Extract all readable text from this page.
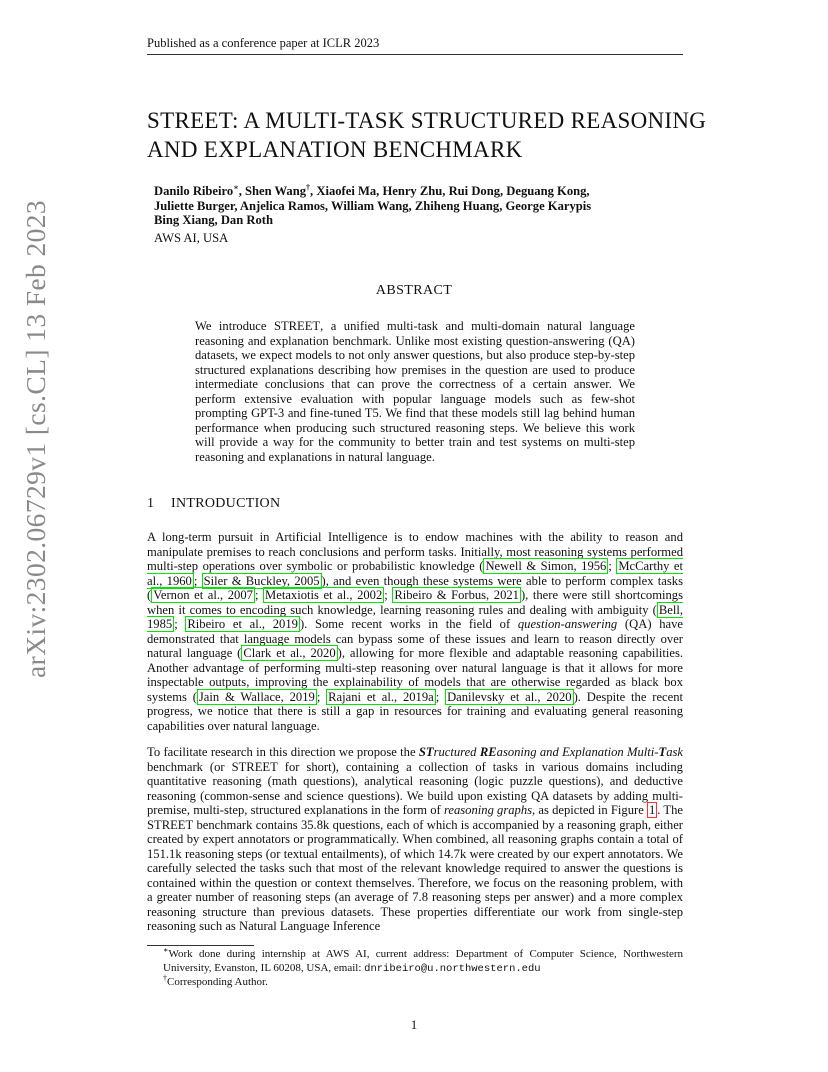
Published as a conference paper at ICLR 2023
arXiv:2302.06729v1 [cs.CL] 13 Feb 2023
STREET: A MULTI-TASK STRUCTURED REASONING
AND EXPLANATION BENCHMARK
Danilo Ribeiro∗, Shen Wang†, Xiaofei Ma, Henry Zhu, Rui Dong, Deguang Kong,
Juliette Burger, Anjelica Ramos, William Wang, Zhiheng Huang, George Karypis
Bing Xiang, Dan Roth
AWS AI, USA
ABSTRACT
We introduce STREET, a unified multi-task and multi-domain natural language reasoning and explanation benchmark. Unlike most existing question-answering (QA) datasets, we expect models to not only answer questions, but also produce step-by-step structured explanations describing how premises in the question are used to produce intermediate conclusions that can prove the correctness of a certain answer. We perform extensive evaluation with popular language models such as few-shot prompting GPT-3 and fine-tuned T5. We find that these models still lag behind human performance when producing such structured reasoning steps. We believe this work will provide a way for the community to better train and test systems on multi-step reasoning and explanations in natural language.
1 INTRODUCTION
A long-term pursuit in Artificial Intelligence is to endow machines with the ability to reason and manipulate premises to reach conclusions and perform tasks. Initially, most reasoning systems performed multi-step operations over symbolic or probabilistic knowledge ( Newell & Simon, 1956 ; McCarthy et al., 1960 ; Siler & Buckley, 2005 ), and even though these systems were able to perform complex tasks ( Vernon et al., 2007 ; Metaxiotis et al., 2002 ; Ribeiro & Forbus, 2021 ), there were still shortcomings when it comes to encoding such knowledge, learning reasoning rules and dealing with ambiguity ( Bell, 1985 ; Ribeiro et al., 2019 ). Some recent works in the field of question-answering (QA) have demonstrated that language models can bypass some of these issues and learn to reason directly over natural language ( Clark et al., 2020 ), allowing for more flexible and adaptable reasoning capabilities. Another advantage of performing multi-step reasoning over natural language is that it allows for more inspectable outputs, improving the explainability of models that are otherwise regarded as black box systems ( Jain & Wallace, 2019 ; Rajani et al., 2019a ; Danilevsky et al., 2020 ). Despite the recent progress, we notice that there is still a gap in resources for training and evaluating general reasoning capabilities over natural language.
To facilitate research in this direction we propose the STructured REasoning and Explanation Multi-Task benchmark (or STREET for short), containing a collection of tasks in various domains including quantitative reasoning (math questions), analytical reasoning (logic puzzle questions), and deductive reasoning (common-sense and science questions). We build upon existing QA datasets by adding multi-premise, multi-step, structured explanations in the form of reasoning graphs, as depicted in Figure 1 . The STREET benchmark contains 35.8k questions, each of which is accompanied by a reasoning graph, either created by expert annotators or programmatically. When combined, all reasoning graphs contain a total of 151.1k reasoning steps (or textual entailments), of which 14.7k were created by our expert annotators. We carefully selected the tasks such that most of the relevant knowledge required to answer the questions is contained within the question or context themselves. Therefore, we focus on the reasoning problem, with a greater number of reasoning steps (an average of 7.8 reasoning steps per answer) and a more complex reasoning structure than previous datasets. These properties differentiate our work from single-step reasoning such as Natural Language Inference
∗Work done during internship at AWS AI, current address: Department of Computer Science, Northwestern University, Evanston, IL 60208, USA, email: dnribeiro@u.northwestern.edu
†Corresponding Author.
1
